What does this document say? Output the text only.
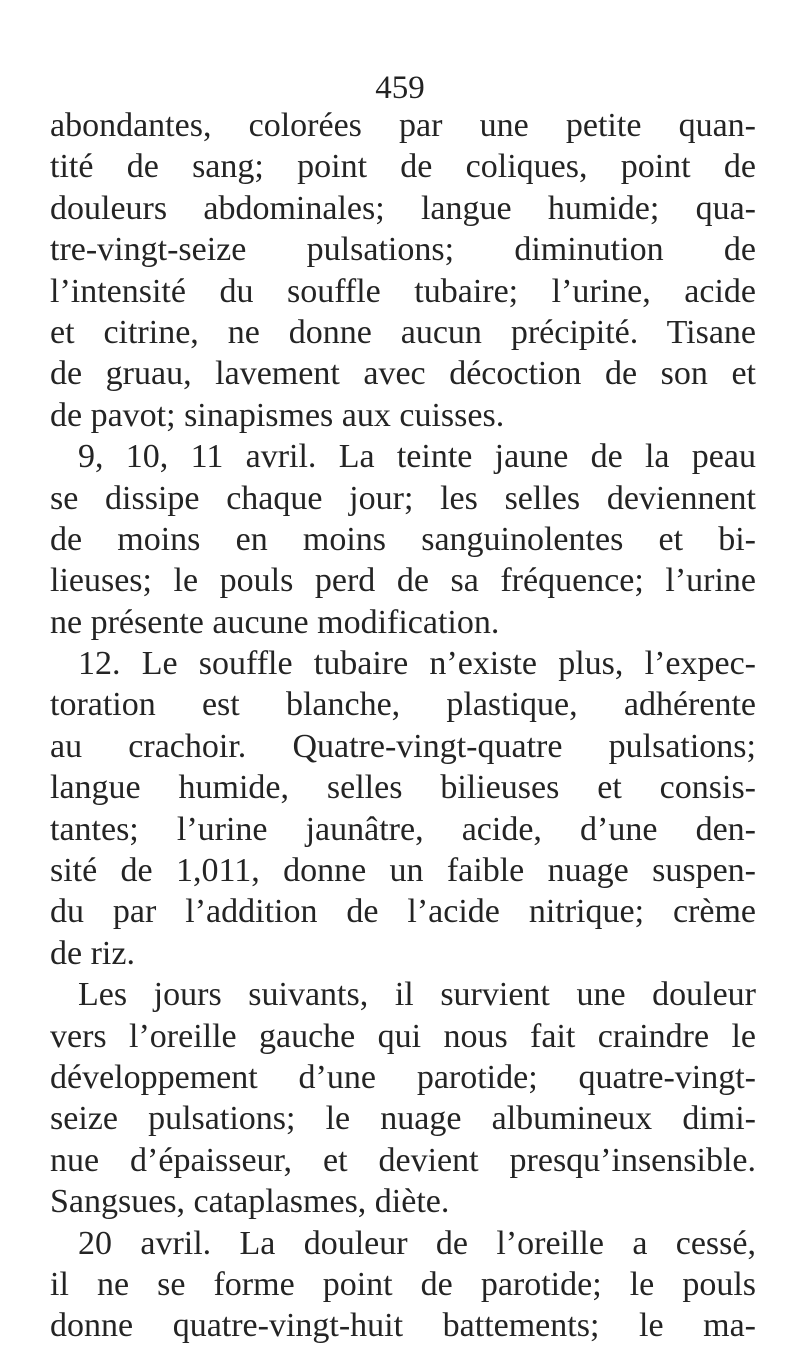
459
abondantes, colorées par une petite quan-
tité de sang; point de coliques, point de
douleurs abdominales; langue humide; qua-
tre-vingt-seize pulsations; diminution de
l’intensité du souffle tubaire; l’urine, acide
et citrine, ne donne aucun précipité. Tisane
de gruau, lavement avec décoction de son et
de pavot; sinapismes aux cuisses.
9, 10, 11 avril. La teinte jaune de la peau
se dissipe chaque jour; les selles deviennent
de moins en moins sanguinolentes et bi-
lieuses; le pouls perd de sa fréquence; l’urine
ne présente aucune modification.
12. Le souffle tubaire n’existe plus, l’expec-
toration est blanche, plastique, adhérente
au crachoir. Quatre-vingt-quatre pulsations;
langue humide, selles bilieuses et consis-
tantes; l’urine jaunâtre, acide, d’une den-
sité de 1,011, donne un faible nuage suspen-
du par l’addition de l’acide nitrique; crème
de riz.
Les jours suivants, il survient une douleur
vers l’oreille gauche qui nous fait craindre le
développement d’une parotide; quatre-vingt-
seize pulsations; le nuage albumineux dimi-
nue d’épaisseur, et devient presqu’insensible.
Sangsues, cataplasmes, diète.
20 avril. La douleur de l’oreille a cessé,
il ne se forme point de parotide; le pouls
donne quatre-vingt-huit battements; le ma-
